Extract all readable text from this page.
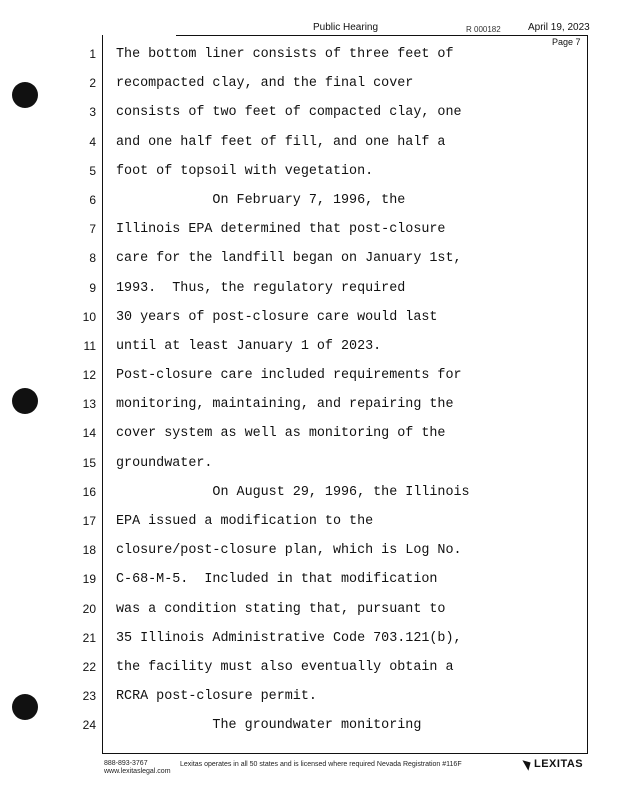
Public Hearing	R 000182	April 19, 2023
Page 7
1
2
3
4
5
6
7
8
9
10
11
12
13
14
15
16
17
18
19
20
21
22
23
24
The bottom liner consists of three feet of
recompacted clay, and the final cover
consists of two feet of compacted clay, one
and one half feet of fill, and one half a
foot of topsoil with vegetation.
On February 7, 1996, the
Illinois EPA determined that post-closure
care for the landfill began on January 1st,
1993.  Thus, the regulatory required
30 years of post-closure care would last
until at least January 1 of 2023.
Post-closure care included requirements for
monitoring, maintaining, and repairing the
cover system as well as monitoring of the
groundwater.
On August 29, 1996, the Illinois
EPA issued a modification to the
closure/post-closure plan, which is Log No.
C-68-M-5.  Included in that modification
was a condition stating that, pursuant to
35 Illinois Administrative Code 703.121(b),
the facility must also eventually obtain a
RCRA post-closure permit.
The groundwater monitoring
888-893-3767
www.lexitaslegal.com
Lexitas operates in all 50 states and is licensed where required Nevada Registration #116F	LEXITAS
